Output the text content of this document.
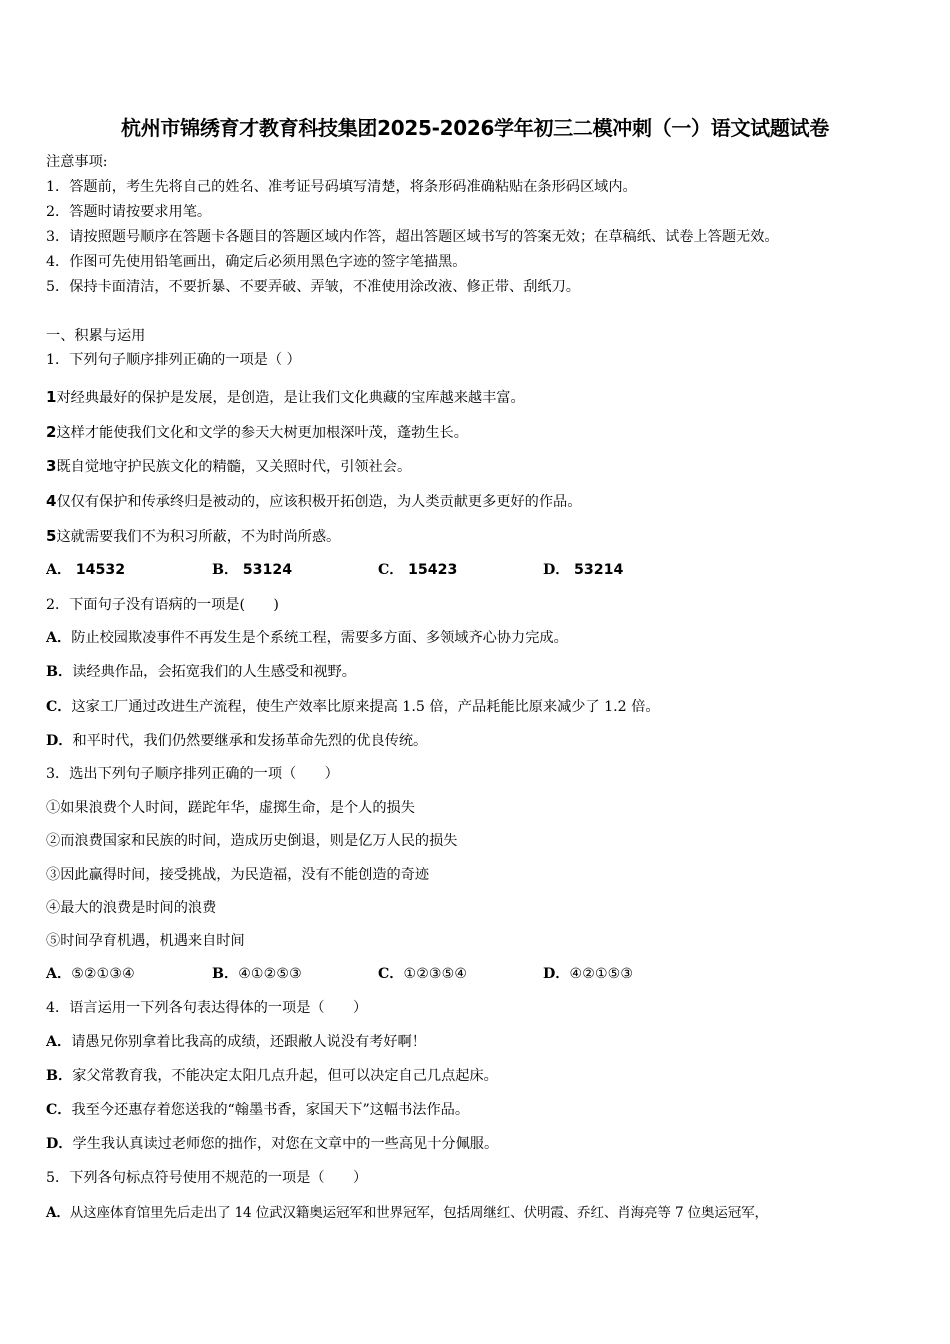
杭州市锦绣育才教育科技集团2025-2026学年初三二模冲刺（一）语文试题试卷
注意事项:
1．答题前，考生先将自己的姓名、准考证号码填写清楚，将条形码准确粘贴在条形码区域内。
2．答题时请按要求用笔。
3．请按照题号顺序在答题卡各题目的答题区域内作答，超出答题区域书写的答案无效；在草稿纸、试卷上答题无效。
4．作图可先使用铅笔画出，确定后必须用黑色字迹的签字笔描黑。
5．保持卡面清洁，不要折暴、不要弄破、弄皱，不准使用涂改液、修正带、刮纸刀。
一、积累与运用
1．下列句子顺序排列正确的一项是（ ）
1对经典最好的保护是发展，是创造，是让我们文化典藏的宝库越来越丰富。
2这样才能使我们文化和文学的参天大树更加根深叶茂，蓬勃生长。
3既自觉地守护民族文化的精髓，又关照时代，引领社会。
4仅仅有保护和传承终归是被动的，应该积极开拓创造，为人类贡献更多更好的作品。
5这就需要我们不为积习所蔽，不为时尚所惑。
A． 14532	B． 53124	C． 15423	D． 53214
2．下面句子没有语病的一项是(　　)
A．防止校园欺凌事件不再发生是个系统工程，需要多方面、多领域齐心协力完成。
B．读经典作品，会拓宽我们的人生感受和视野。
C．这家工厂通过改进生产流程，使生产效率比原来提高 1.5 倍，产品耗能比原来减少了 1.2 倍。
D．和平时代，我们仍然要继承和发扬革命先烈的优良传统。
3．选出下列句子顺序排列正确的一项（　　）
①如果浪费个人时间，蹉跎年华，虚掷生命，是个人的损失
②而浪费国家和民族的时间，造成历史倒退，则是亿万人民的损失
③因此赢得时间，接受挑战，为民造福，没有不能创造的奇迹
④最大的浪费是时间的浪费
⑤时间孕育机遇，机遇来自时间
A．⑤②①③④	B．④①②⑤③	C．①②③⑤④	D．④②①⑤③
4．语言运用一下列各句表达得体的一项是（　　）
A．请愚兄你别拿着比我高的成绩，还跟敝人说没有考好啊！
B．家父常教育我，不能决定太阳几点升起，但可以决定自己几点起床。
C．我至今还惠存着您送我的“翰墨书香，家国天下”这幅书法作品。
D．学生我认真读过老师您的拙作，对您在文章中的一些高见十分佩服。
5．下列各句标点符号使用不规范的一项是（　　）
A．从这座体育馆里先后走出了 14 位武汉籍奥运冠军和世界冠军，包括周继红、伏明霞、乔红、肖海亮等 7 位奥运冠军，
